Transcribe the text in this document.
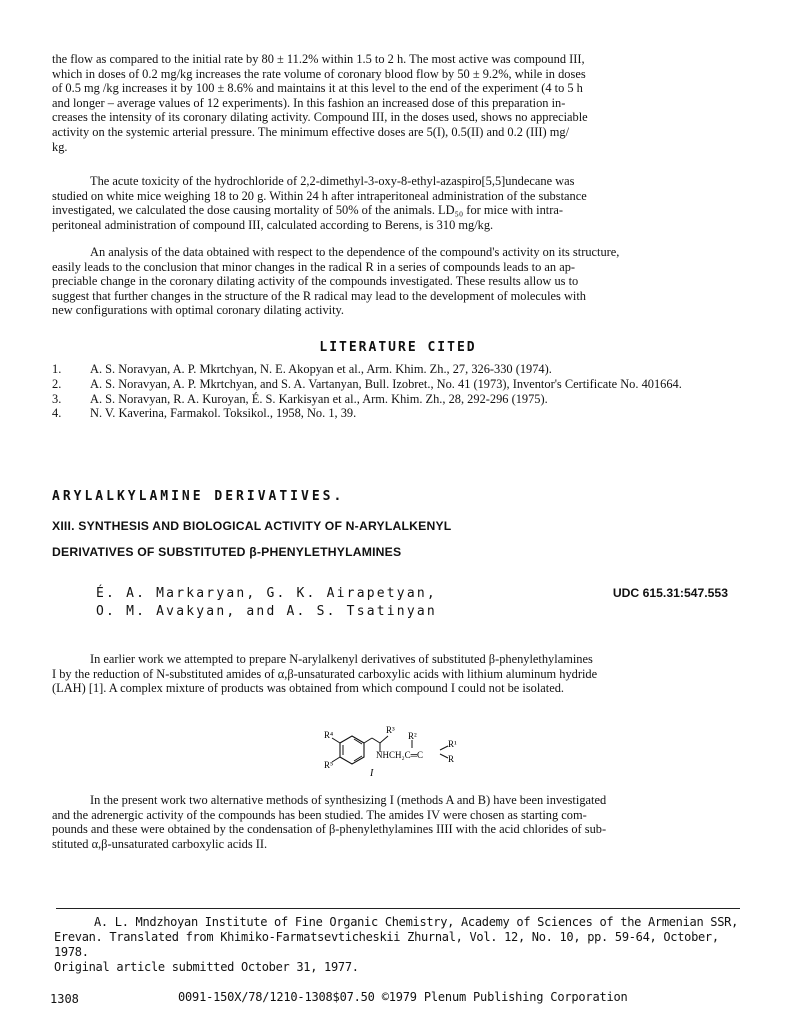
the flow as compared to the initial rate by 80 ± 11.2% within 1.5 to 2 h. The most active was compound III,
which in doses of 0.2 mg/kg increases the rate volume of coronary blood flow by 50 ± 9.2%, while in doses
of 0.5 mg /kg increases it by 100 ± 8.6% and maintains it at this level to the end of the experiment (4 to 5 h
and longer – average values of 12 experiments). In this fashion an increased dose of this preparation in-
creases the intensity of its coronary dilating activity. Compound III, in the doses used, shows no appreciable
activity on the systemic arterial pressure. The minimum effective doses are 5(I), 0.5(II) and 0.2 (III) mg/
kg.
The acute toxicity of the hydrochloride of 2,2-dimethyl-3-oxy-8-ethyl-azaspiro[5,5]undecane was
studied on white mice weighing 18 to 20 g. Within 24 h after intraperitoneal administration of the substance
investigated, we calculated the dose causing mortality of 50% of the animals. LD₅₀ for mice with intra-
peritoneal administration of compound III, calculated according to Berens, is 310 mg/kg.
An analysis of the data obtained with respect to the dependence of the compound's activity on its structure,
easily leads to the conclusion that minor changes in the radical R in a series of compounds leads to an ap-
preciable change in the coronary dilating activity of the compounds investigated. These results allow us to
suggest that further changes in the structure of the R radical may lead to the development of molecules with
new configurations with optimal coronary dilating activity.
LITERATURE CITED
1.	A. S. Noravyan, A. P. Mkrtchyan, N. E. Akopyan et al., Arm. Khim. Zh., 27, 326-330 (1974).
2.	A. S. Noravyan, A. P. Mkrtchyan, and S. A. Vartanyan, Bull. Izobret., No. 41 (1973), Inventor's Certificate No. 401664.
3.	A. S. Noravyan, R. A. Kuroyan, É. S. Karkisyan et al., Arm. Khim. Zh., 28, 292-296 (1975).
4.	N. V. Kaverina, Farmakol. Toksikol., 1958, No. 1, 39.
ARYLALKYLAMINE DERIVATIVES.
XIII. SYNTHESIS AND BIOLOGICAL ACTIVITY OF N-ARYLALKENYL
DERIVATIVES OF SUBSTITUTED β-PHENYLETHYLAMINES
É. A. Markaryan, G. K. Airapetyan,
O. M. Avakyan, and A. S. Tsatinyan
UDC 615.31:547.553
In earlier work we attempted to prepare N-arylalkenyl derivatives of substituted β-phenylethylamines
I by the reduction of N-substituted amides of α,β-unsaturated carboxylic acids with lithium aluminum hydride
(LAH) [1]. A complex mixture of products was obtained from which compound I could not be isolated.
R⁴
R⁵
R³
R²
NHCH₂C═C
R¹
R
I
In the present work two alternative methods of synthesizing I (methods A and B) have been investigated
and the adrenergic activity of the compounds has been studied. The amides IV were chosen as starting com-
pounds and these were obtained by the condensation of β-phenylethylamines IIII with the acid chlorides of sub-
stituted α,β-unsaturated carboxylic acids II.
A. L. Mndzhoyan Institute of Fine Organic Chemistry, Academy of Sciences of the Armenian SSR,
Erevan. Translated from Khimiko-Farmatsevticheskii Zhurnal, Vol. 12, No. 10, pp. 59-64, October, 1978.
Original article submitted October 31, 1977.
1308	0091-150X/78/1210-1308$07.50 ©1979 Plenum Publishing Corporation
